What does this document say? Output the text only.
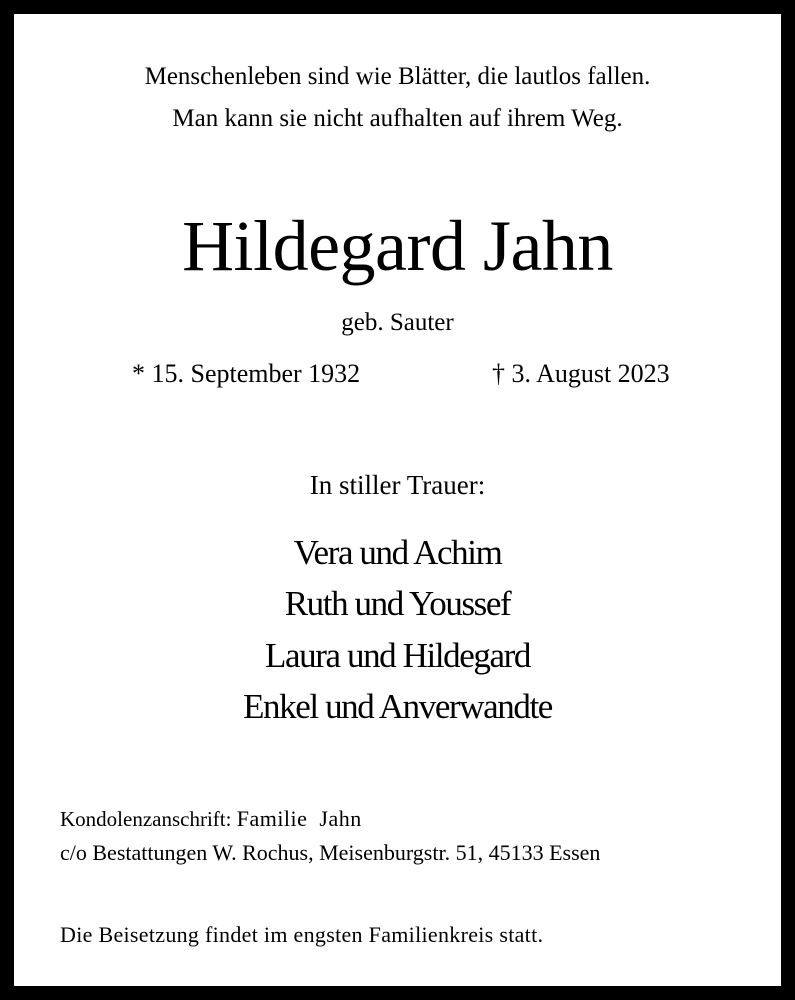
Menschenleben sind wie Blätter, die lautlos fallen.
Man kann sie nicht aufhalten auf ihrem Weg.
Hildegard Jahn
geb. Sauter
* 15. September 1932	† 3. August 2023
In stiller Trauer:
Vera und Achim
Ruth und Youssef
Laura und Hildegard
Enkel und Anverwandte
Kondolenzanschrift: Familie  Jahn
c/o Bestattungen W. Rochus, Meisenburgstr. 51, 45133 Essen
Die Beisetzung findet im engsten Familienkreis statt.
